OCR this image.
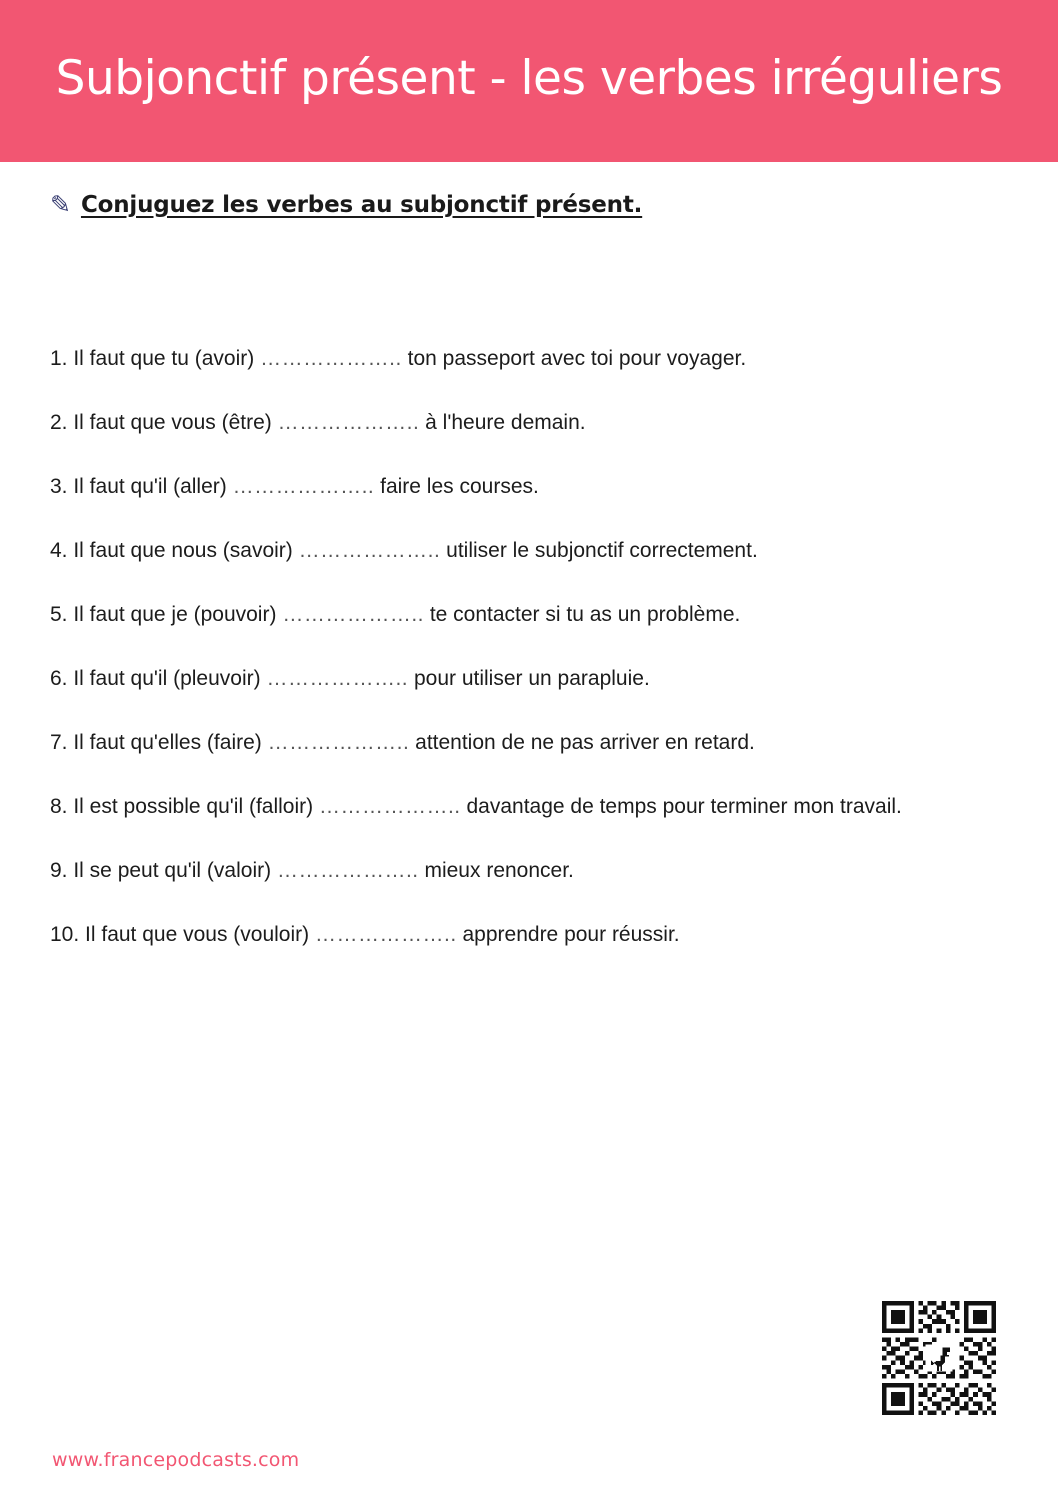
Subjonctif présent - les verbes irréguliers
✎ Conjuguez les verbes au subjonctif présent.
1. Il faut que tu (avoir) ……………….. ton passeport avec toi pour voyager.
2. Il faut que vous (être) ……………….. à l'heure demain.
3. Il faut qu'il (aller) ……………….. faire les courses.
4. Il faut que nous (savoir) ……………….. utiliser le subjonctif correctement.
5. Il faut que je (pouvoir) ……………….. te contacter si tu as un problème.
6. Il faut qu'il (pleuvoir) ……………….. pour utiliser un parapluie.
7. Il faut qu'elles (faire) ……………….. attention de ne pas arriver en retard.
8. Il est possible qu'il (falloir) ……………….. davantage de temps pour terminer mon travail.
9. Il se peut qu'il (valoir) ……………….. mieux renoncer.
10. Il faut que vous (vouloir) ……………….. apprendre pour réussir.
www.francepodcasts.com
